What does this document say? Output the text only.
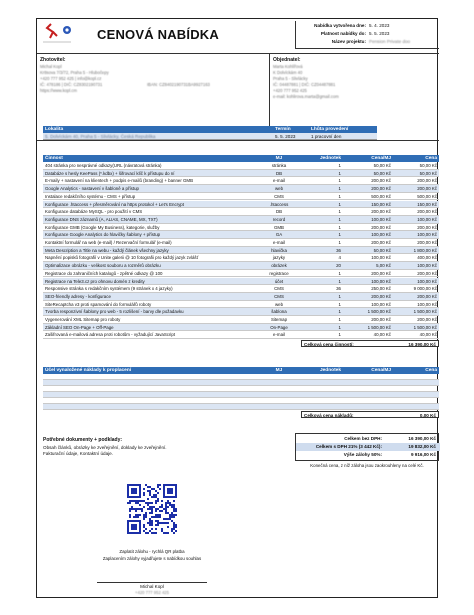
CENOVÁ NABÍDKA
Nabídka vytvořena dne: 5. 4. 2023
Platnost nabídky do: 5. 5. 2023
Název projektu: Pension Private doo
Zhotovitel:
Michal Kopl
Kr8sova 7/3/72, Praha 5 - Hlubočepy
+420 777 952 425 | info@kopl.cz
IČ: 478186 | DIČ: CZ8302190731
https://www.kopl.cm
IBAN: CZ8402190731BA9927163
Objednatel:
Marta Kohlířová
K Dolvíckám 40
Praha 5 - Slivlácky
IČ: 04487881 | DIČ: CZ04487881
+420 777 952 425
e-mail: kohlirova.marta@gmail.com
Lokalita	Termín	Lhůta provedení
5. Dolvíckám 40, Praha 5 - Slivlácky, Česká Republika	5. 5. 2023	1 pracovní den
Činnost	MJ	Jednotek	Cena/MJ	Cena
404 stránka pro nesprávné odkazy(URL (návratová stránka)	stránka	1	50,00 Kč	50,00 Kč
Databáze s hesly KeePass (*.kdbx) + šifrovací klíč k přístupu do ní	DB	1	50,00 Kč	50,00 Kč
E-maily + nastavení na klientech + podpis e-mailů (branding) + banner GMB	e-mail	1	200,00 Kč	200,00 Kč
Google Analytics - nastavení v šabloně a přístup	web	1	200,00 Kč	200,00 Kč
Instalace redakčního systému - CMS + přístup	CMS	1	500,00 Kč	500,00 Kč
Konfigurace .htaccess + přesměrování na https protokol + Let's Encrypt	.htaccess	1	150,00 Kč	150,00 Kč
Konfigurace databáze MySQL - pro použití v CMS	DB	1	200,00 Kč	200,00 Kč
Konfigurace DNS záznamů (A, ALIAS, CNAME, MX, TXT)	record	1	100,00 Kč	100,00 Kč
Konfigurace GMB (Google My Business), kategorie, služby	GMB	1	200,00 Kč	200,00 Kč
Konfigurace Google Analytics do hlavičky šablony + přístup	GA	1	100,00 Kč	100,00 Kč
Kontaktní formulář na web (e-mail) / Rezervační formulář (e-mail)	e-mail	1	200,00 Kč	200,00 Kč
Meta Description a Title na webu - každý článek všechny jazyky	hlavička	36	50,00 Kč	1 800,00 Kč
Napnění popisků fotografií v Unite galerii @ 10 fotografii pro každý jazyk zvlášť	jazyky	4	100,00 Kč	400,00 Kč
Optimalizace obrázku - velikost souboru a rozměrů obrázku	obrázek	20	5,00 Kč	100,00 Kč
Registrace do zahraničních katalogů - zpětné odkazy @ 100	registrace	1	200,00 Kč	200,00 Kč
Registrace na Tele3.cz pro ohnovu domén z kredity	účet	1	100,00 Kč	100,00 Kč
Responsive stránka s redakčním systémem (9 stránek x 4 jazyky)	CMS	36	250,00 Kč	9 000,00 Kč
SEO-friendly adresy - konfigurace	CMS	1	200,00 Kč	200,00 Kč
SiteRecaptcha v3 proti spamování do formulářů roboty	web	1	100,00 Kč	100,00 Kč
Tvorba responzivní šablony pro web - 5 rozlišení - barvy dle požadavku	šablona	1	1 500,00 Kč	1 500,00 Kč
Vygenerování XML Sitemap pro roboty	Sitemap	1	200,00 Kč	200,00 Kč
Základní SEO On-Page + Off-Page	On-Page	1	1 500,00 Kč	1 500,00 Kč
Zašifrovaná e-mailová adresa proti robotům - vyžadující JavaScript	e-mail	1	40,00 Kč	40,00 Kč
Celková cena činností:	16 390,00 Kč
Účel vynaložené náklady k proplacení	MJ	Jednotek	Cena/MJ	Cena
Celková cena nákladů:	0,00 Kč
Potřebné dokumenty + podklady:

Obsah článků, obrázky ke zveřejnění, doklady ke zveřejnění.

Fakturační údaje, Kontaktní údaje.

Celkem bez DPH:	16 390,00 Kč
Celkem s DPH 21% (3 442 Kč):	19 832,00 Kč
Výše zálohy 50%:	9 916,00 Kč
Konečná cena, z níž záloha jsou zaokrouhleny na celé Kč.
Zaplatit zálohu - rychlá QR platba
Zaplacením zálohy vyjadřujete s nabídkou souhlas
Michal Kopl
+420 777 952 425
